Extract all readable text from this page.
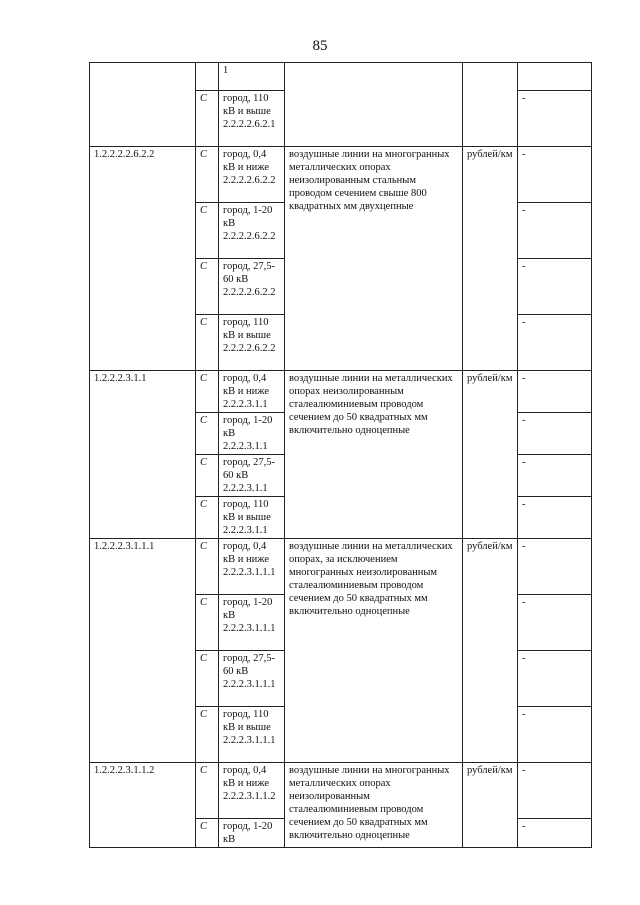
85
		1			
	С	город, 110 кВ и выше 2.2.2.2.6.2.1			-
1.2.2.2.2.6.2.2	С	город, 0,4 кВ и ниже 2.2.2.2.6.2.2	воздушные линии на многогранных металлических опорах неизолированным стальным проводом сечением свыше 800 квадратных мм двухцепные	рублей/км	-
	С	город, 1-20 кВ 2.2.2.2.6.2.2			-
	С	город, 27,5-60 кВ 2.2.2.2.6.2.2			-
	С	город, 110 кВ и выше 2.2.2.2.6.2.2			-
1.2.2.2.3.1.1	С	город, 0,4 кВ и ниже 2.2.2.3.1.1	воздушные линии на металлических опорах неизолированным сталеалюминиевым проводом сечением до 50 квадратных мм включительно одноцепные	рублей/км	-
	С	город, 1-20 кВ 2.2.2.3.1.1			-
	С	город, 27,5-60 кВ 2.2.2.3.1.1			-
	С	город, 110 кВ и выше 2.2.2.3.1.1			-
1.2.2.2.3.1.1.1	С	город, 0,4 кВ и ниже 2.2.2.3.1.1.1	воздушные линии на металлических опорах, за исключением многогранных неизолированным сталеалюминиевым проводом сечением до 50 квадратных мм включительно одноцепные	рублей/км	-
	С	город, 1-20 кВ 2.2.2.3.1.1.1			-
	С	город, 27,5-60 кВ 2.2.2.3.1.1.1			-
	С	город, 110 кВ и выше 2.2.2.3.1.1.1			-
1.2.2.2.3.1.1.2	С	город, 0,4 кВ и ниже 2.2.2.3.1.1.2	воздушные линии на многогранных металлических опорах неизолированным сталеалюминиевым проводом сечением до 50 квадратных мм включительно одноцепные	рублей/км	-
	С	город, 1-20 кВ			-
